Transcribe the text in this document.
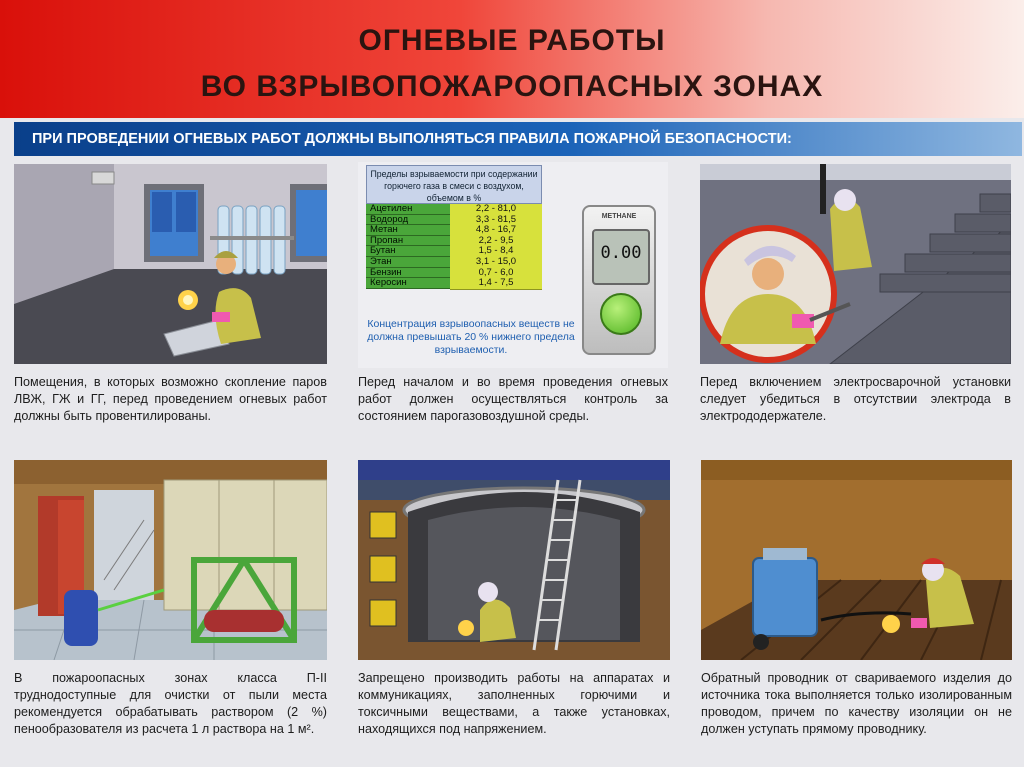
ОГНЕВЫЕ РАБОТЫ
ВО ВЗРЫВОПОЖАРООПАСНЫХ ЗОНАХ
ПРИ ПРОВЕДЕНИИ ОГНЕВЫХ РАБОТ ДОЛЖНЫ ВЫПОЛНЯТЬСЯ ПРАВИЛА ПОЖАРНОЙ БЕЗОПАСНОСТИ:
Пределы взрываемости при содержании горючего газа в смеси с воздухом, объемом в %
Ацетилен	2,2 - 81,0
Водород	3,3 - 81,5
Метан	4,8 - 16,7
Пропан	2,2 - 9,5
Бутан	1,5 - 8,4
Этан	3,1 - 15,0
Бензин	0,7 - 6,0
Керосин	1,4 - 7,5
Концентрация взрывоопасных веществ не должна превышать 20 % нижнего предела взрываемости.
METHANE
0.00
Помещения, в которых возможно скопление паров ЛВЖ, ГЖ и ГГ, перед проведением огневых работ должны быть провентилированы.
Перед началом и во время проведения огневых работ должен осуществляться контроль за состоянием парогазовоздушной среды.
Перед включением электросварочной установки следует убедиться в отсутствии электрода в электрододержателе.
В пожароопасных зонах класса П-II труднодоступные для очистки от пыли места рекомендуется обрабатывать раствором (2 %) пенообразователя из расчета 1 л раствора на 1 м².
Запрещено производить работы на аппаратах и коммуникациях, заполненных горючими и токсичными веществами, а также установках, находящихся под напряжением.
Обратный проводник от свариваемого изделия до источника тока выполняется только изолированным проводом, причем по качеству изоляции он не должен уступать прямому проводнику.
